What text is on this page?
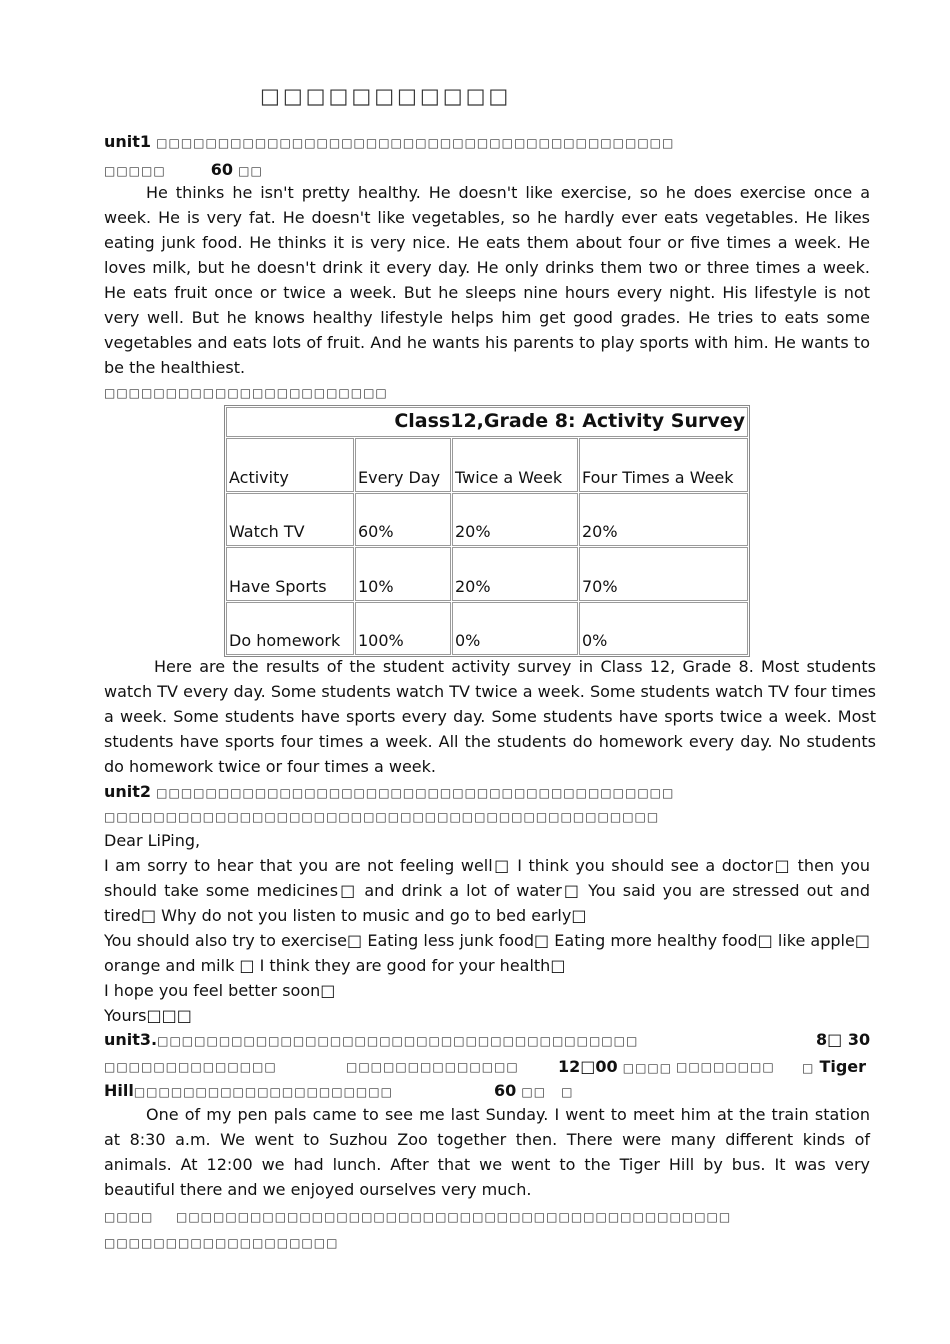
□□□□□□□□□□□
unit1 □□□□□□□□□□□□□□□□□□□□□□□□□□□□□□□□□□□□□□□□□□
□□□□□	60 □□

He thinks he isn't pretty healthy. He doesn't like exercise, so he does exercise once a week. He is very fat. He doesn't like vegetables, so he hardly ever eats vegetables. He likes eating junk food. He thinks it is very nice. He eats them about four or five times a week. He loves milk, but he doesn't drink it every day. He only drinks them two or three times a week. He eats fruit once or twice a week. But he sleeps nine hours every night. His lifestyle is not very well. But he knows healthy lifestyle helps him get good grades. He tries to eats some vegetables and eats lots of fruit. And he wants his parents to play sports with him. He wants to be the healthiest.

□□□□□□□□□□□□□□□□□□□□□□□
Class12,Grade 8: Activity Survey			
Activity	Every Day	Twice a Week	Four Times a Week
Watch TV	60%	20%	20%
Have Sports	10%	20%	70%
Do homework	100%	0%	0%

Here are the results of the student activity survey in Class 12, Grade 8. Most students watch TV every day. Some students watch TV twice a week. Some students watch TV four times a week. Some students have sports every day. Some students have sports twice a week. Most students have sports four times a week. All the students do homework every day. No students do homework twice or four times a week.

unit2 □□□□□□□□□□□□□□□□□□□□□□□□□□□□□□□□□□□□□□□□□□
□□□□□□□□□□□□□□□□□□□□□□□□□□□□□□□□□□□□□□□□□□□□□

Dear LiPing,

I am sorry to hear that you are not feeling well□ I think you should see a doctor□ then you should take some medicines□ and drink a lot of water□ You said you are stressed out and tired□ Why do not you listen to music and go to bed early□

You should also try to exercise□ Eating less junk food□ Eating more healthy food□ like apple□ orange and milk □ I think they are good for your health□

I hope you feel better soon□

Yours□□□

unit3.□□□□□□□□□□□□□□□□□□□□□□□□□□□□□□□□□□□□□□□	8□ 30
□□□□□□□□□□□□□□	□□□□□□□□□□□□□□ 12□00 □□□□ □□□□□□□□ □ Tiger
Hill□□□□□□□□□□□□□□□□□□□□□	60 □□ □

One of my pen pals came to see me last Sunday. I went to meet him at the train station at 8:30 a.m. We went to Suzhou Zoo together then. There were many different kinds of animals. At 12:00 we had lunch. After that we went to the Tiger Hill by bus. It was very beautiful there and we enjoyed ourselves very much.

□□□□ □□□□□□□□□□□□□□□□□□□□□□□□□□□□□□□□□□□□□□□□□□□□□
□□□□□□□□□□□□□□□□□□□
